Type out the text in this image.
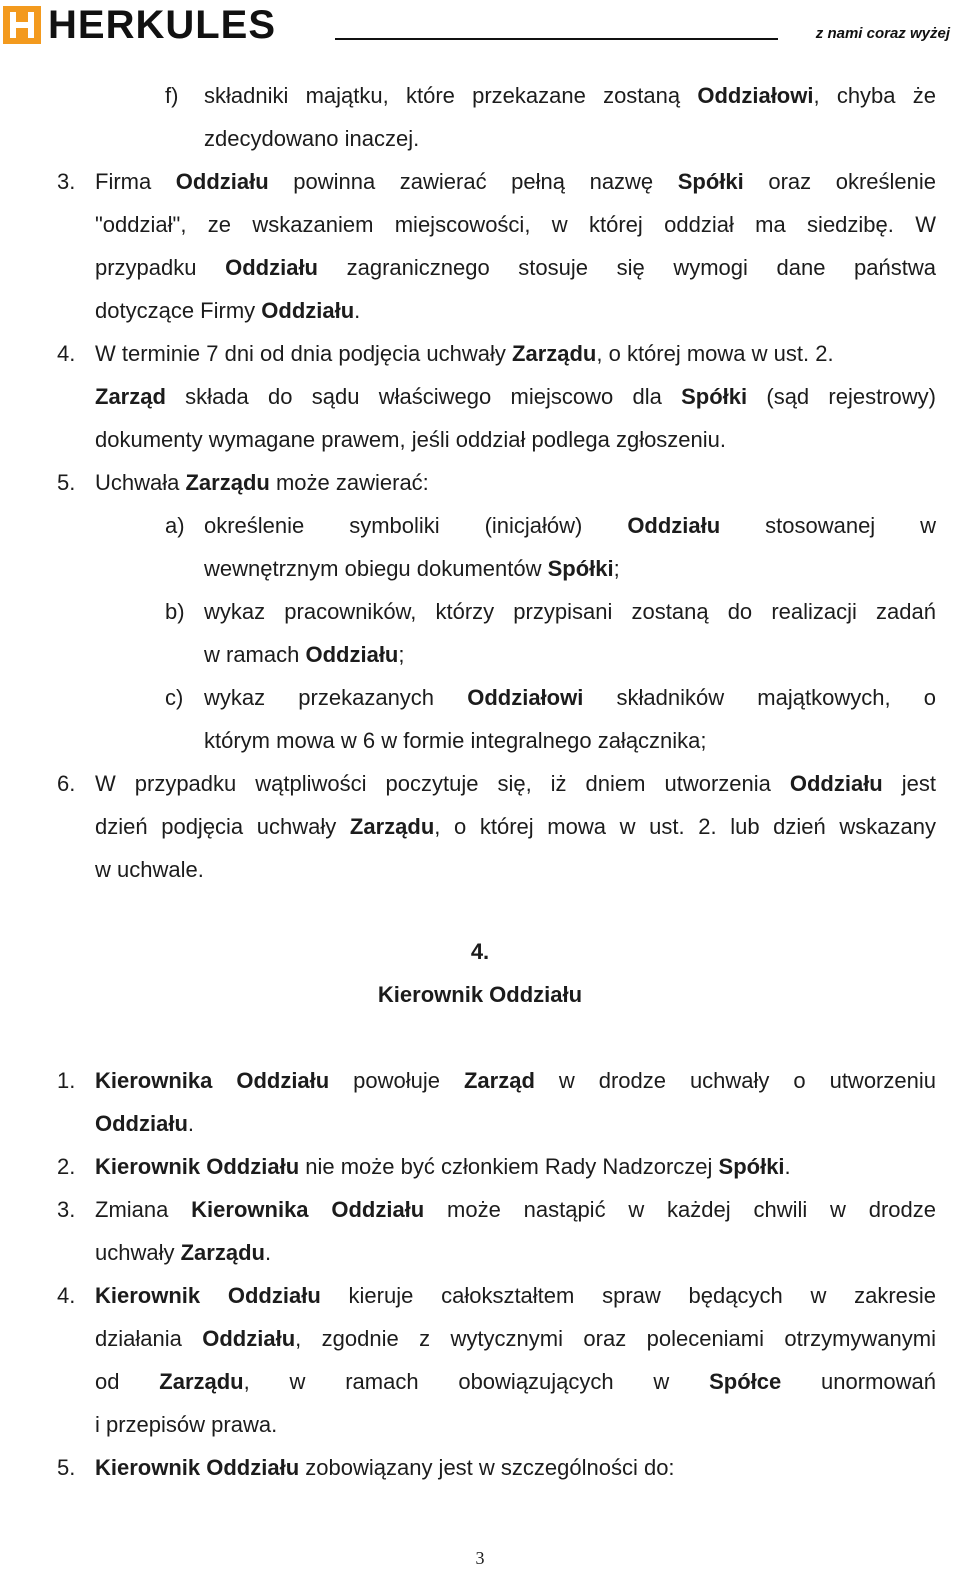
HERKULES	z nami coraz wyżej
f) składniki majątku, które przekazane zostaną Oddziałowi, chyba że
zdecydowano inaczej.
3. Firma Oddziału powinna zawierać pełną nazwę Spółki oraz określenie
"oddział", ze wskazaniem miejscowości, w której oddział ma siedzibę. W
przypadku Oddziału zagranicznego stosuje się wymogi dane państwa
dotyczące Firmy Oddziału.
4. W terminie 7 dni od dnia podjęcia uchwały Zarządu, o której mowa w ust. 2.
Zarząd składa do sądu właściwego miejscowo dla Spółki (sąd rejestrowy)
dokumenty wymagane prawem, jeśli oddział podlega zgłoszeniu.
5. Uchwała Zarządu może zawierać:
a) określenie symboliki (inicjałów) Oddziału stosowanej w
wewnętrznym obiegu dokumentów Spółki;
b) wykaz pracowników, którzy przypisani zostaną do realizacji zadań
w ramach Oddziału;
c) wykaz przekazanych Oddziałowi składników majątkowych, o
którym mowa w 6 w formie integralnego załącznika;
6. W przypadku wątpliwości poczytuje się, iż dniem utworzenia Oddziału jest
dzień podjęcia uchwały Zarządu, o której mowa w ust. 2. lub dzień wskazany
w uchwale.
4.
Kierownik Oddziału
1. Kierownika Oddziału powołuje Zarząd w drodze uchwały o utworzeniu
Oddziału.
2. Kierownik Oddziału nie może być członkiem Rady Nadzorczej Spółki.
3. Zmiana Kierownika Oddziału może nastąpić w każdej chwili w drodze
uchwały Zarządu.
4. Kierownik Oddziału kieruje całokształtem spraw będących w zakresie
działania Oddziału, zgodnie z wytycznymi oraz poleceniami otrzymywanymi
od Zarządu, w ramach obowiązujących w Spółce unormowań
i przepisów prawa.
5. Kierownik Oddziału zobowiązany jest w szczególności do:
3
